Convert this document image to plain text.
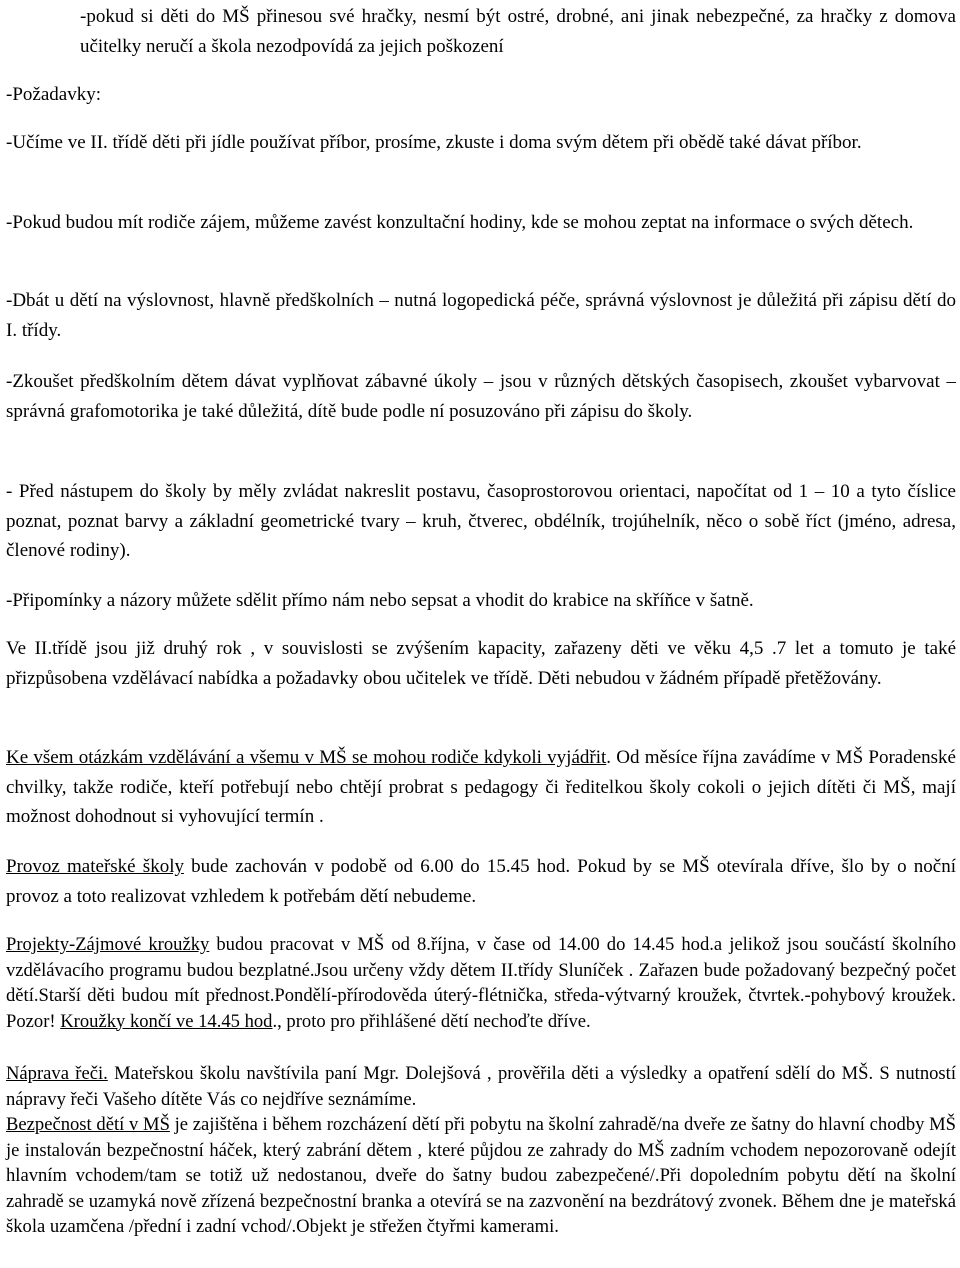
-pokud si děti do MŠ přinesou své hračky, nesmí být ostré, drobné, ani jinak nebezpečné, za hračky z domova učitelky neručí a škola nezodpovídá za jejich poškození

-Požadavky:

-Učíme ve II. třídě děti při jídle používat příbor, prosíme, zkuste i doma svým dětem při obědě také dávat příbor.

-Pokud budou mít rodiče zájem, můžeme zavést konzultační hodiny, kde se mohou zeptat na informace o svých dětech.

-Dbát u dětí na výslovnost, hlavně předškolních – nutná logopedická péče, správná výslovnost je důležitá při zápisu dětí do I. třídy.

-Zkoušet předškolním dětem dávat vyplňovat zábavné úkoly – jsou v různých dětských časopisech, zkoušet vybarvovat – správná grafomotorika je také důležitá, dítě bude podle ní posuzováno při zápisu do školy.

- Před nástupem do školy by měly zvládat nakreslit postavu, časoprostorovou orientaci, napočítat od 1 – 10 a tyto číslice poznat, poznat barvy a základní geometrické tvary – kruh, čtverec, obdélník, trojúhelník, něco o sobě říct (jméno, adresa, členové rodiny).

-Připomínky a názory můžete sdělit přímo nám nebo sepsat a vhodit do krabice na skříňce v šatně.

Ve II.třídě jsou již druhý rok , v souvislosti se zvýšením kapacity, zařazeny děti ve věku 4,5 .7 let a tomuto je také přizpůsobena vzdělávací nabídka a požadavky obou učitelek ve třídě. Děti nebudou v žádném případě přetěžovány.

Ke všem otázkám vzdělávání a všemu v MŠ se mohou rodiče kdykoli vyjádřit. Od měsíce října zavádíme v MŠ Poradenské chvilky, takže rodiče, kteří potřebují nebo chtějí probrat s pedagogy či ředitelkou školy cokoli o jejich dítěti či MŠ, mají možnost dohodnout si vyhovující termín .

Provoz mateřské školy bude zachován v podobě od 6.00 do 15.45 hod. Pokud by se MŠ otevírala dříve, šlo by o noční provoz a toto realizovat vzhledem k potřebám dětí nebudeme.

Projekty-Zájmové kroužky budou pracovat v MŠ od 8.října, v čase od 14.00 do 14.45 hod.a jelikož jsou součástí školního vzdělávacího programu budou bezplatné.Jsou určeny vždy dětem II.třídy Sluníček . Zařazen bude požadovaný bezpečný počet dětí.Starší děti budou mít přednost.Pondělí-přírodověda úterý-flétnička, středa-výtvarný kroužek, čtvrtek.-pohybový kroužek. Pozor! Kroužky končí ve 14.45 hod., proto pro přihlášené dětí nechoďte dříve.

Náprava řeči. Mateřskou školu navštívila paní Mgr. Dolejšová , prověřila děti a výsledky a opatření sdělí do MŠ. S nutností nápravy řeči Vašeho dítěte Vás co nejdříve seznámíme.

Bezpečnost dětí v MŠ je zajištěna i během rozcházení dětí při pobytu na školní zahradě/na dveře ze šatny do hlavní chodby MŠ je instalován bezpečnostní háček, který zabrání dětem , které půjdou ze zahrady do MŠ zadním vchodem nepozorovaně odejít hlavním vchodem/tam se totiž už nedostanou, dveře do šatny budou zabezpečené/.Při dopoledním pobytu dětí na školní zahradě se uzamyká nově zřízená bezpečnostní branka a otevírá se na zazvonění na bezdrátový zvonek. Během dne je mateřská škola uzamčena /přední i zadní vchod/.Objekt je střežen čtyřmi kamerami.
